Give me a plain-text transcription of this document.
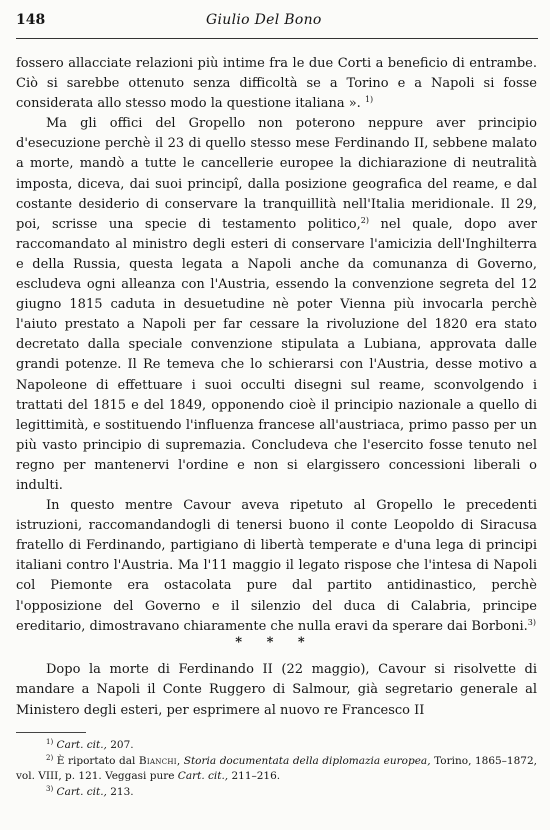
148	Giulio Del Bono

fossero allacciate relazioni più intime fra le due Corti a beneficio di entrambe. Ciò si sarebbe ottenuto senza difficoltà se a Torino e a Napoli si fosse considerata allo stesso modo la questione italiana ». $^{1)}$

Ma gli offici del Gropello non poterono neppure aver principio d'esecuzione perchè il 23 di quello stesso mese Ferdinando II, sebbene malato a morte, mandò a tutte le cancellerie europee la dichiarazione di neutralità imposta, diceva, dai suoi principî, dalla posizione geografica del reame, e dal costante desiderio di conservare la tranquillità nell'Italia meridionale. Il 29, poi, scrisse una specie di testamento politico,$^{2)}$ nel quale, dopo aver raccomandato al ministro degli esteri di conservare l'amicizia dell'Inghilterra e della Russia, questa legata a Napoli anche da comunanza di Governo, escludeva ogni alleanza con l'Austria, essendo la convenzione segreta del 12 giugno 1815 caduta in desuetudine nè poter Vienna più invocarla perchè l'aiuto prestato a Napoli per far cessare la rivoluzione del 1820 era stato decretato dalla speciale convenzione stipulata a Lubiana, approvata dalle grandi potenze. Il Re temeva che lo schierarsi con l'Austria, desse motivo a Napoleone di effettuare i suoi occulti disegni sul reame, sconvolgendo i trattati del 1815 e del 1849, opponendo cioè il principio nazionale a quello di legittimità, e sostituendo l'influenza francese all'austriaca, primo passo per un più vasto principio di supremazia. Concludeva che l'esercito fosse tenuto nel regno per mantenervi l'ordine e non si elargissero concessioni liberali o indulti.

In questo mentre Cavour aveva ripetuto al Gropello le precedenti istruzioni, raccomandandogli di tenersi buono il conte Leopoldo di Siracusa fratello di Ferdinando, partigiano di libertà temperate e d'una lega di principi italiani contro l'Austria. Ma l'11 maggio il legato rispose che l'intesa di Napoli col Piemonte era ostacolata pure dal partito antidinastico, perchè l'opposizione del Governo e il silenzio del duca di Calabria, principe ereditario, dimostravano chiaramente che nulla eravi da sperare dai Borboni.$^{3)}$

* * *

Dopo la morte di Ferdinando II (22 maggio), Cavour si risolvette di mandare a Napoli il Conte Ruggero di Salmour, già segretario generale al Ministero degli esteri, per esprimere al nuovo re Francesco II

$^{1)}$ Cart. cit., 207.

$^{2)}$ È riportato dal Bianchi, Storia documentata della diplomazia europea, Torino, 1865–1872, vol. VIII, p. 121. Veggasi pure Cart. cit., 211–216.

$^{3)}$ Cart. cit., 213.
